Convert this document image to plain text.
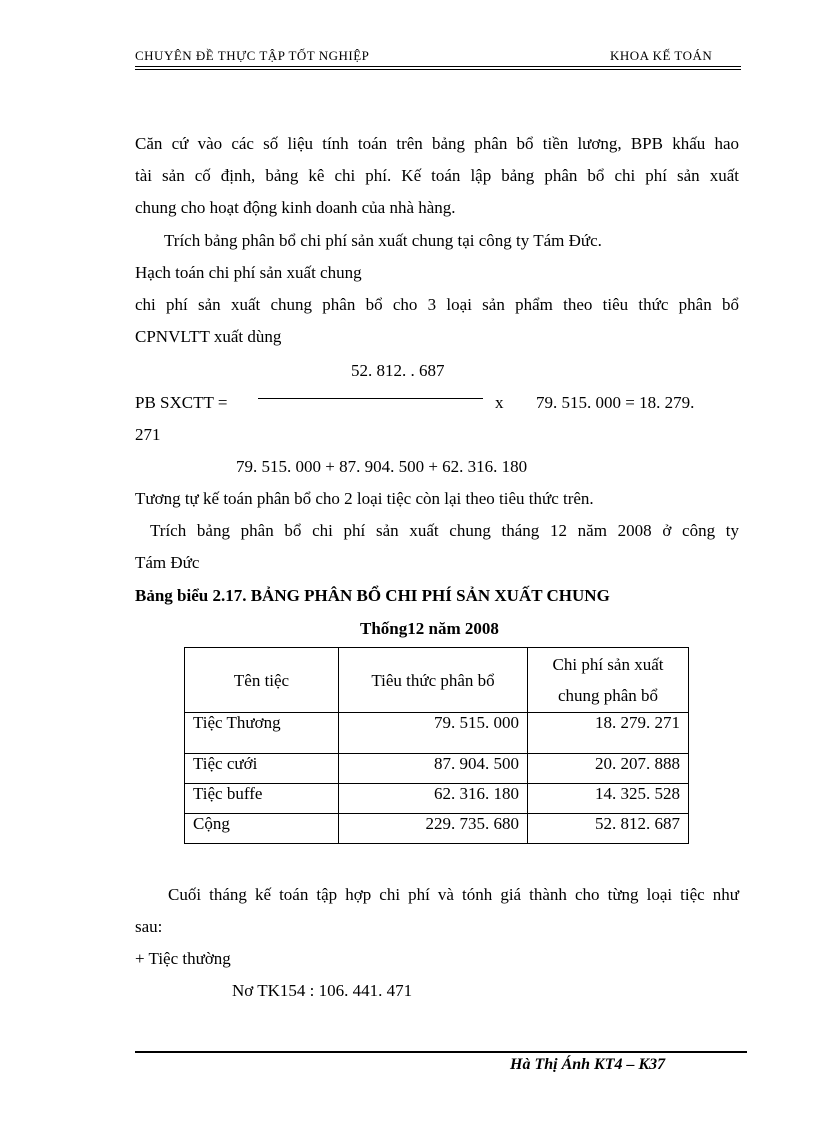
CHUYÊN ĐỀ THỰC TẬP TỐT NGHIỆP	KHOA KẾ TOÁN
Căn cứ vào các số liệu tính toán trên bảng phân bổ tiền lương, BPB khấu hao
tài sản cố định, bảng kê chi phí. Kế toán lập bảng phân bổ chi phí sản xuất
chung cho hoạt động kinh doanh của nhà hàng.
Trích bảng phân bổ chi phí sản xuất chung tại công ty Tám Đức.
Hạch toán chi phí sản xuất chung
chi phí sản xuất chung phân bổ cho 3 loại sản phẩm theo tiêu thức phân bổ
CPNVLTT xuất dùng
52. 812. . 687
PB SXCTT =	x 79. 515. 000 = 18. 279.
271
79. 515. 000 + 87. 904. 500 + 62. 316. 180
Tương tự kế toán phân bổ cho 2 loại tiệc còn lại theo tiêu thức trên.
Trích bảng phân bổ chi phí sản xuất chung tháng 12 năm 2008 ở công ty
Tám Đức
Bảng biểu 2.17. BẢNG PHÂN BỔ CHI PHÍ SẢN XUẤT CHUNG
Thống12 năm 2008
Tên tiệc	Tiêu thức phân bổ	Chi phí sản xuất
chung phân bổ
Tiệc Thương	79. 515. 000	18. 279. 271
Tiệc cưới	87. 904. 500	20. 207. 888
Tiệc buffe	62. 316. 180	14. 325. 528
Cộng	229. 735. 680	52. 812. 687
Cuối tháng kế toán tập hợp chi phí và tónh giá thành cho từng loại tiệc như
sau:
+ Tiệc thường
Nơ TK154 : 106. 441. 471
Hà Thị Ánh KT4 – K37
